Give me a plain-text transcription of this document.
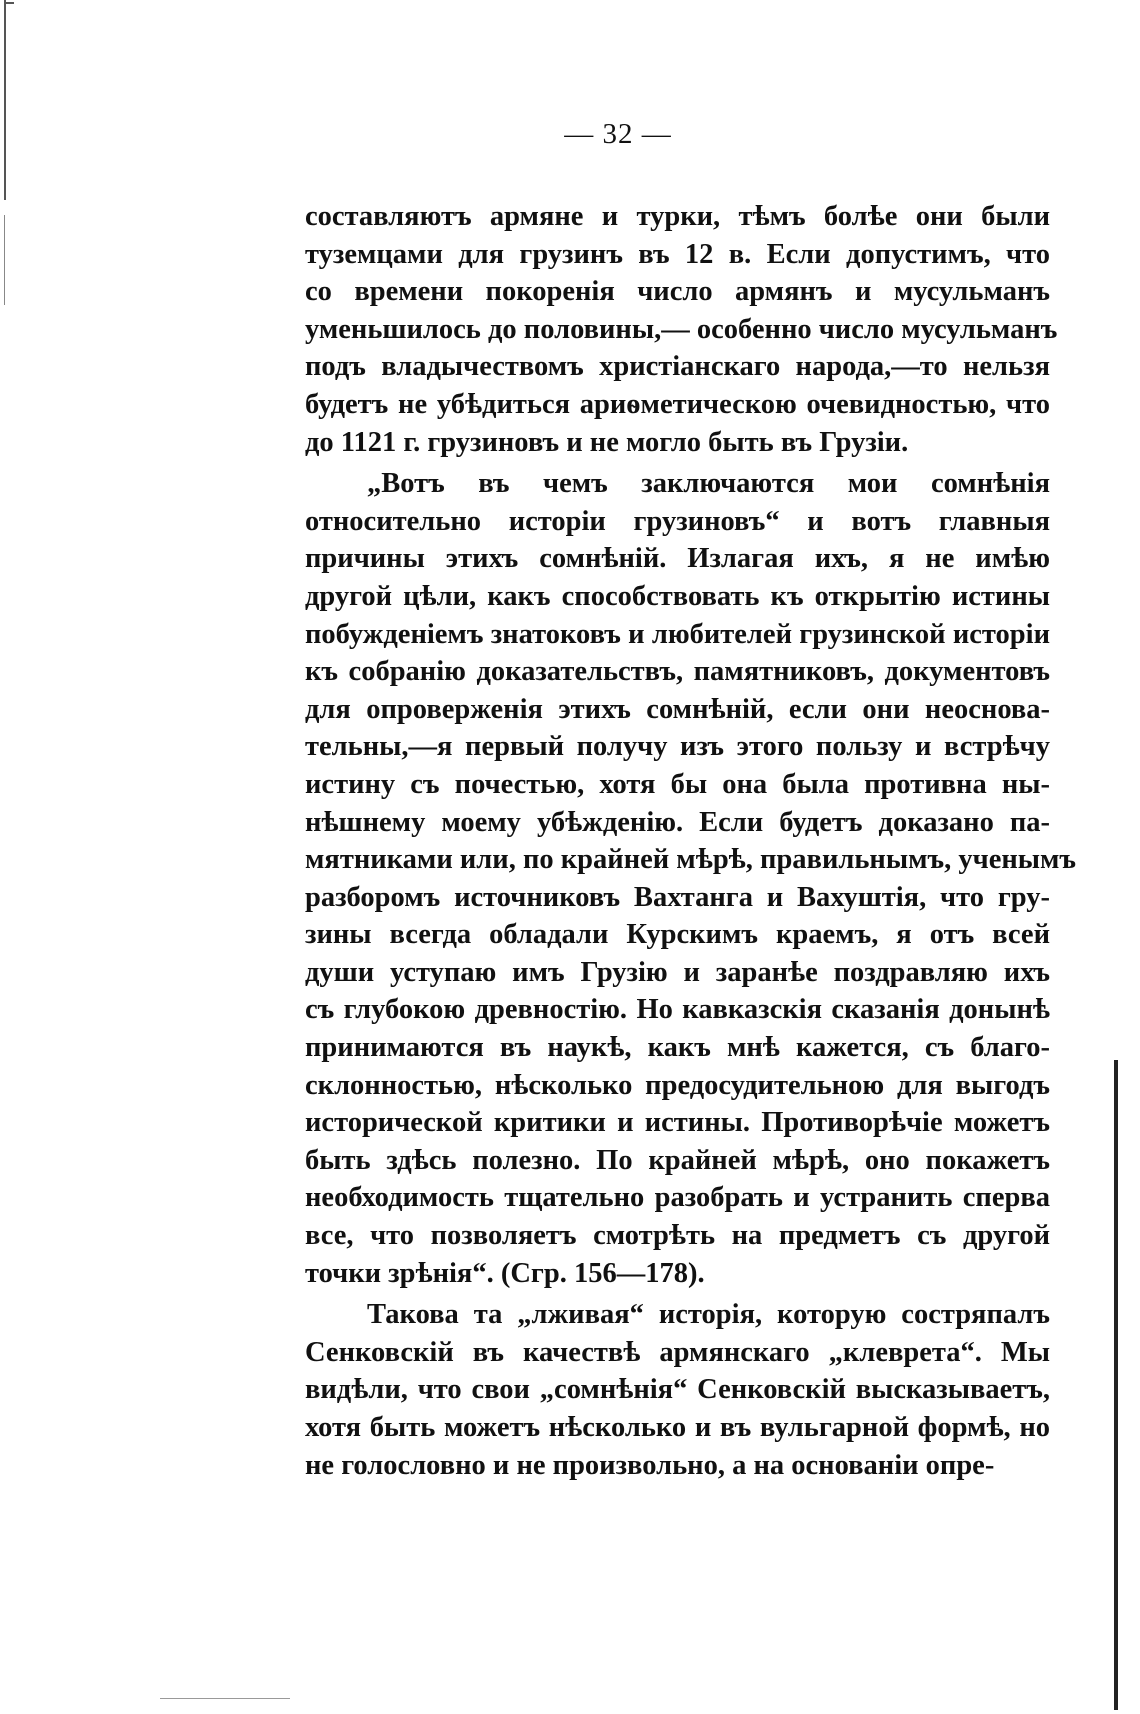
— 32 —

составляютъ армяне и турки, тѣмъ болѣе они были
туземцами для грузинъ въ 12 в. Если допустимъ, что
со времени покоренія число армянъ и мусульманъ
уменьшилось до половины,— особенно число мусульманъ
подъ владычествомъ христіанскаго народа,—то нельзя
будетъ не убѣдиться ариѳметическою очевидностью, что
до 1121 г. грузиновъ и не могло быть въ Грузіи.

„Вотъ въ чемъ заключаются мои сомнѣнія
относительно исторіи грузиновъ“ и вотъ главныя
причины этихъ сомнѣній. Излагая ихъ, я не имѣю
другой цѣли, какъ способствовать къ открытію истины
побужденіемъ знатоковъ и любителей грузинской исторіи
къ собранію доказательствъ, памятниковъ, документовъ
для опроверженія этихъ сомнѣній, если они неоснова-
тельны,—я первый получу изъ этого пользу и встрѣчу
истину съ почестью, хотя бы она была противна ны-
нѣшнему моему убѣжденію. Если будетъ доказано па-
мятниками или, по крайней мѣрѣ, правильнымъ, ученымъ
разборомъ источниковъ Вахтанга и Вахуштія, что гру-
зины всегда обладали Курскимъ краемъ, я отъ всей
души уступаю имъ Грузію и заранѣе поздравляю ихъ
съ глубокою древностію. Но кавказскія сказанія донынѣ
принимаются въ наукѣ, какъ мнѣ кажется, съ благо-
склонностью, нѣсколько предосудительною для выгодъ
исторической критики и истины. Противорѣчіе можетъ
быть здѣсь полезно. По крайней мѣрѣ, оно покажетъ
необходимость тщательно разобрать и устранить сперва
все, что позволяетъ смотрѣть на предметъ съ другой
точки зрѣнія“. (Сгр. 156—178).

Такова та „лживая“ исторія, которую состряпалъ
Сенковскій въ качествѣ армянскаго „клеврета“. Мы
видѣли, что свои „сомнѣнія“ Сенковскій высказываетъ,
хотя быть можетъ нѣсколько и въ вульгарной формѣ, но
не голословно и не произвольно, а на основаніи опре-
